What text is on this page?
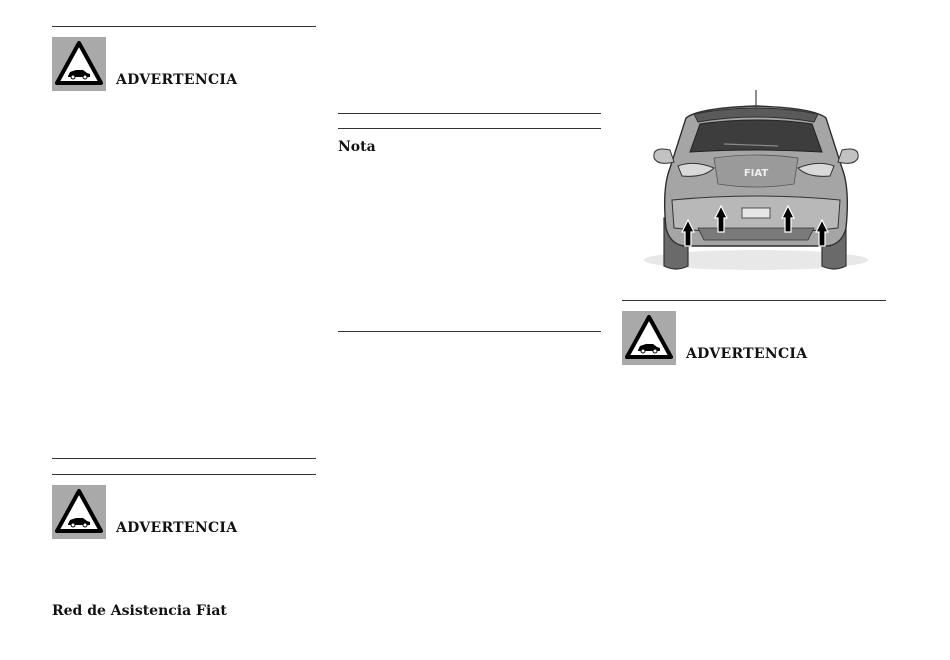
ADVERTENCIA
ADVERTENCIA
Red de Asistencia Fiat
Nota
FIAT
ADVERTENCIA
